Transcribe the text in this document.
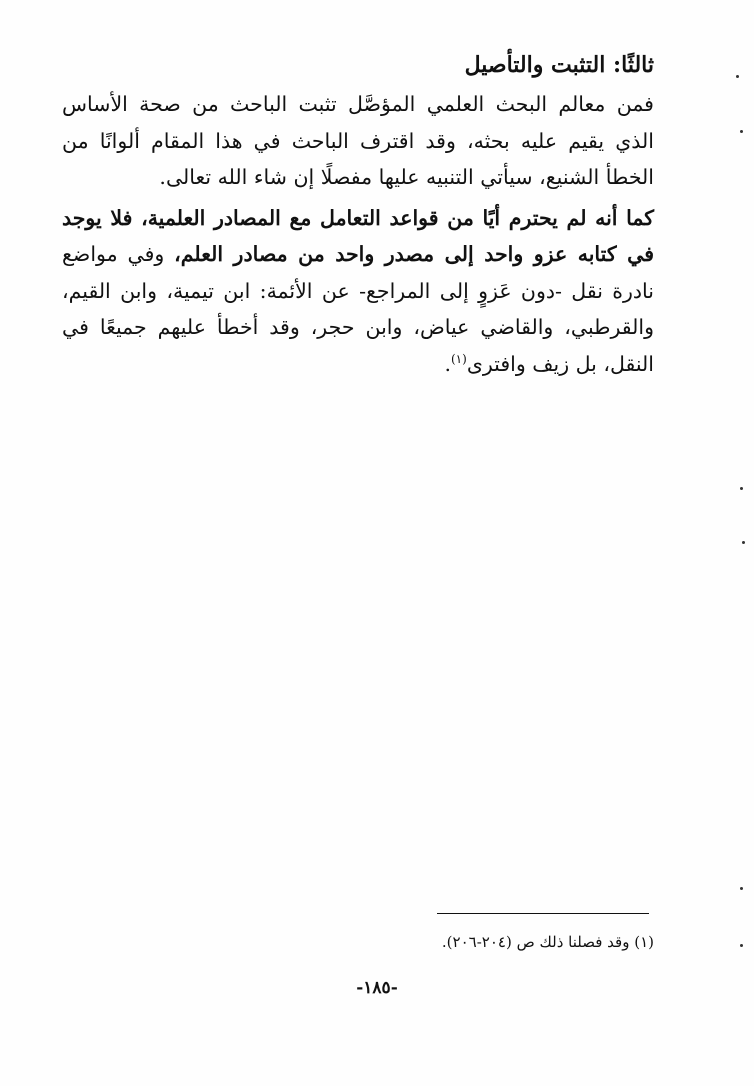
ثالثًا: التثبت والتأصيل

فمن معالم البحث العلمي المؤصَّل تثبت الباحث من صحة الأساس الذي يقيم عليه بحثه، وقد اقترف الباحث في هذا المقام ألوانًا من الخطأ الشنيع، سيأتي التنبيه عليها مفصلًا إن شاء الله تعالى.

كما أنه لم يحترم أيًا من قواعد التعامل مع المصادر العلمية، فلا يوجد في كتابه عزو واحد إلى مصدر واحد من مصادر العلم، وفي مواضع نادرة نقل -دون عَزوٍ إلى المراجع- عن الأئمة: ابن تيمية، وابن القيم، والقرطبي، والقاضي عياض، وابن حجر، وقد أخطأ عليهم جميعًا في النقل، بل زيف وافترى$^{(١)}$.

(١) وقد فصلنا ذلك ص (٢٠٤-٢٠٦).
-١٨٥-
